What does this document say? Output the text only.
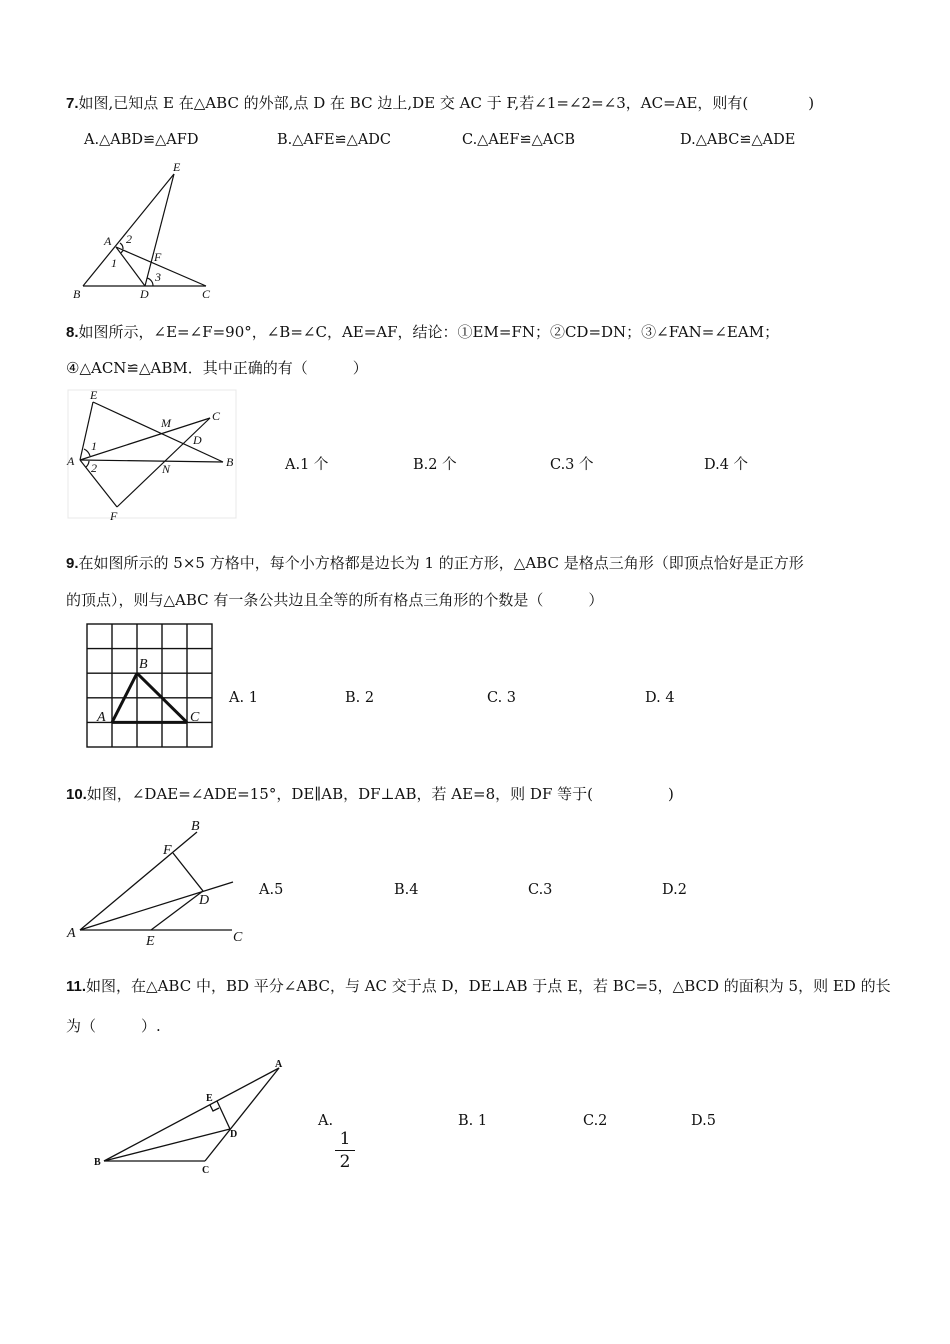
7.如图,已知点 E 在△ABC 的外部,点 D 在 BC 边上,DE 交 AC 于 F,若∠1=∠2=∠3，AC=AE，则有(　　　　)
A.△ABD≌△AFD	B.△AFE≌△ADC	C.△AEF≌△ACB	D.△ABC≌△ADE
E
A 2
1	F
3
B	D	C
8.如图所示，∠E=∠F=90°，∠B=∠C，AE=AF，结论：①EM=FN；②CD=DN；③∠FAN=∠EAM；
④△ACN≌△ABM．其中正确的有（　　　）
A.1 个	B.2 个	C.3 个	D.4 个
E
M	C
D
1
A 2	N	B
F
9.在如图所示的 5×5 方格中，每个小方格都是边长为 1 的正方形，△ABC 是格点三角形（即顶点恰好是正方形
的顶点），则与△ABC 有一条公共边且全等的所有格点三角形的个数是（　　　）
A. 1	B. 2	C. 3	D. 4
A
B
C
10.如图，∠DAE=∠ADE=15°，DE∥AB，DF⊥AB，若 AE=8，则 DF 等于(　　　　　)
A.5	B.4	C.3	D.2
B
F
D
A
E	C
11.如图，在△ABC 中，BD 平分∠ABC，与 AC 交于点 D，DE⊥AB 于点 E，若 BC=5，△BCD 的面积为 5，则 ED 的长
为（　　　）.
A.
1
2
B. 1	C.2	D.5
A
E
D
B
C
